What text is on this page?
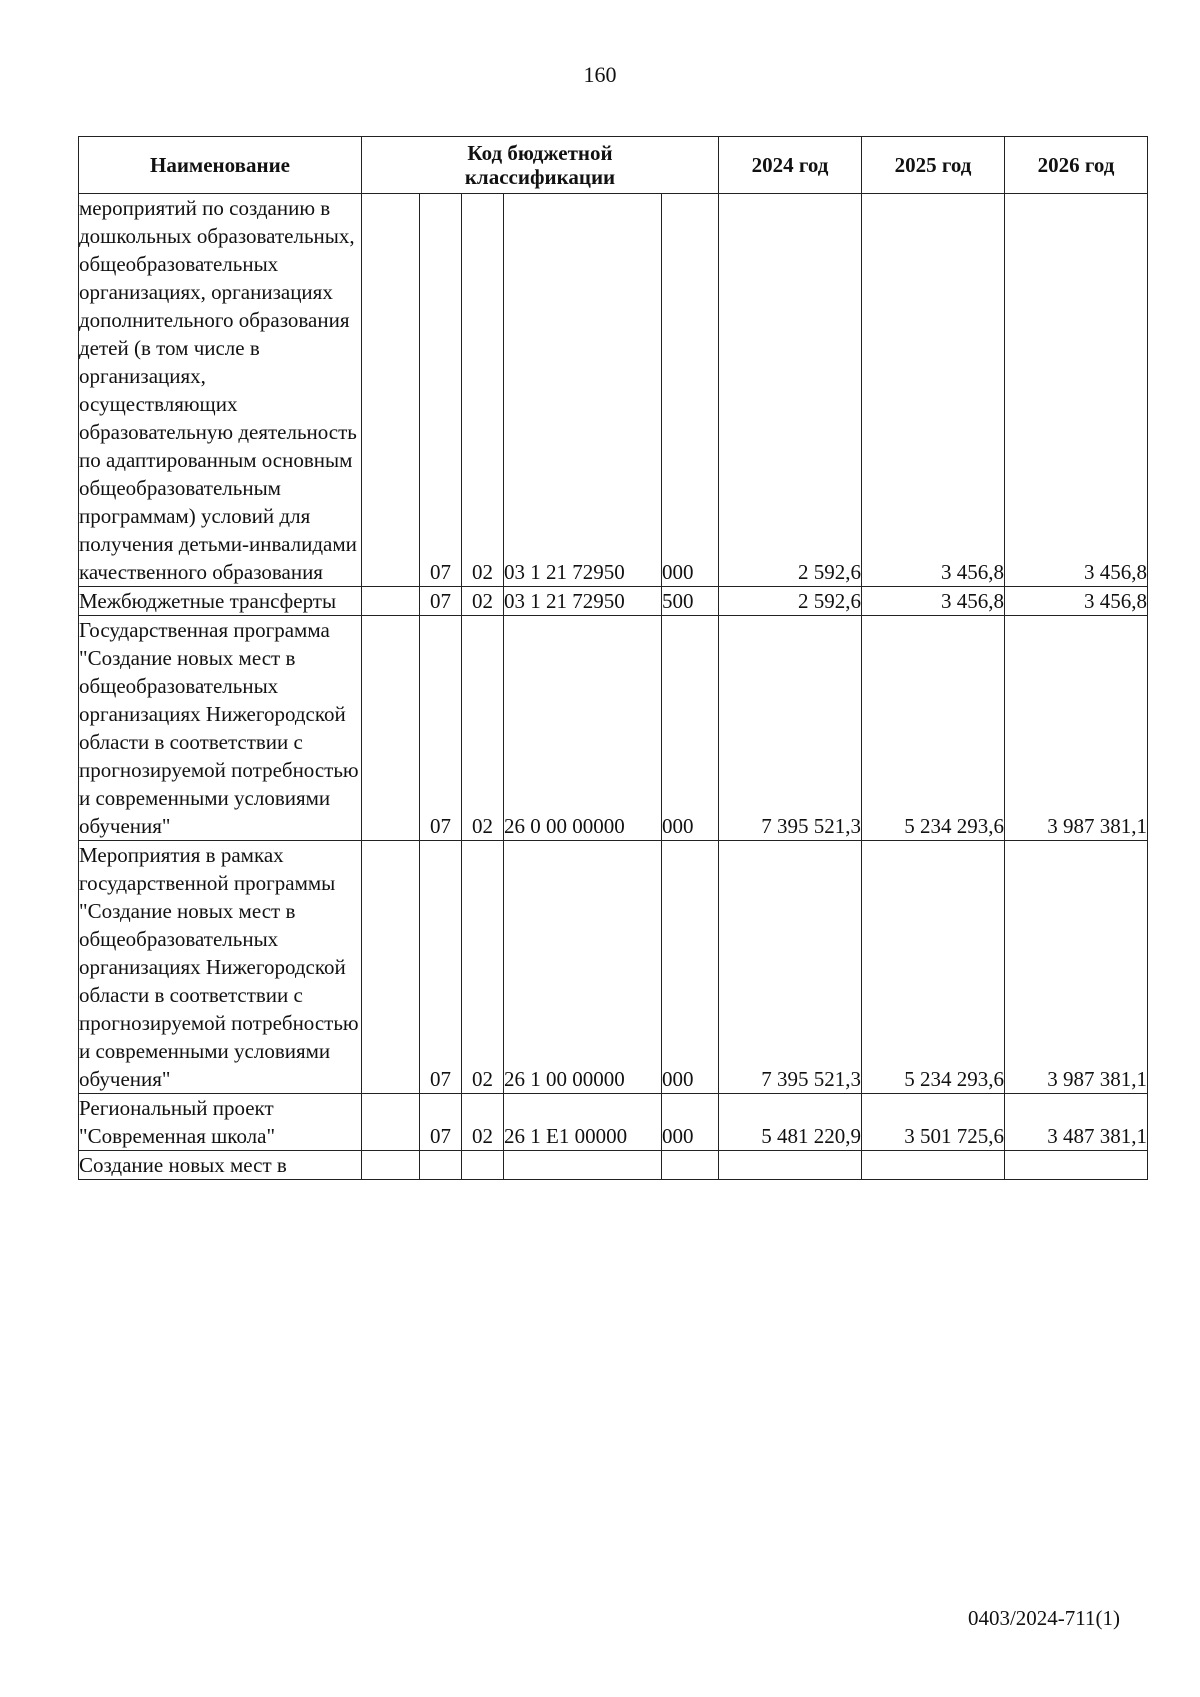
160
Наименование	Код бюджетной классификации					2024 год	2025 год	2026 год
мероприятий по созданию в дошкольных образовательных, общеобразовательных организациях, организациях дополнительного образования детей (в том числе в организациях, осуществляющих образовательную деятельность по адаптированным основным общеобразовательным программам) условий для получения детьми-инвалидами качественного образования		07	02	03 1 21 72950	000	2 592,6	3 456,8	3 456,8
Межбюджетные трансферты		07	02	03 1 21 72950	500	2 592,6	3 456,8	3 456,8
Государственная программа "Создание новых мест в общеобразовательных организациях Нижегородской области в соответствии с прогнозируемой потребностью и современными условиями обучения"		07	02	26 0 00 00000	000	7 395 521,3	5 234 293,6	3 987 381,1
Мероприятия в рамках государственной программы "Создание новых мест в общеобразовательных организациях Нижегородской области в соответствии с прогнозируемой потребностью и современными условиями обучения"		07	02	26 1 00 00000	000	7 395 521,3	5 234 293,6	3 987 381,1
Региональный проект "Современная школа"		07	02	26 1 E1 00000	000	5 481 220,9	3 501 725,6	3 487 381,1
Создание новых мест в								
0403/2024-711(1)
